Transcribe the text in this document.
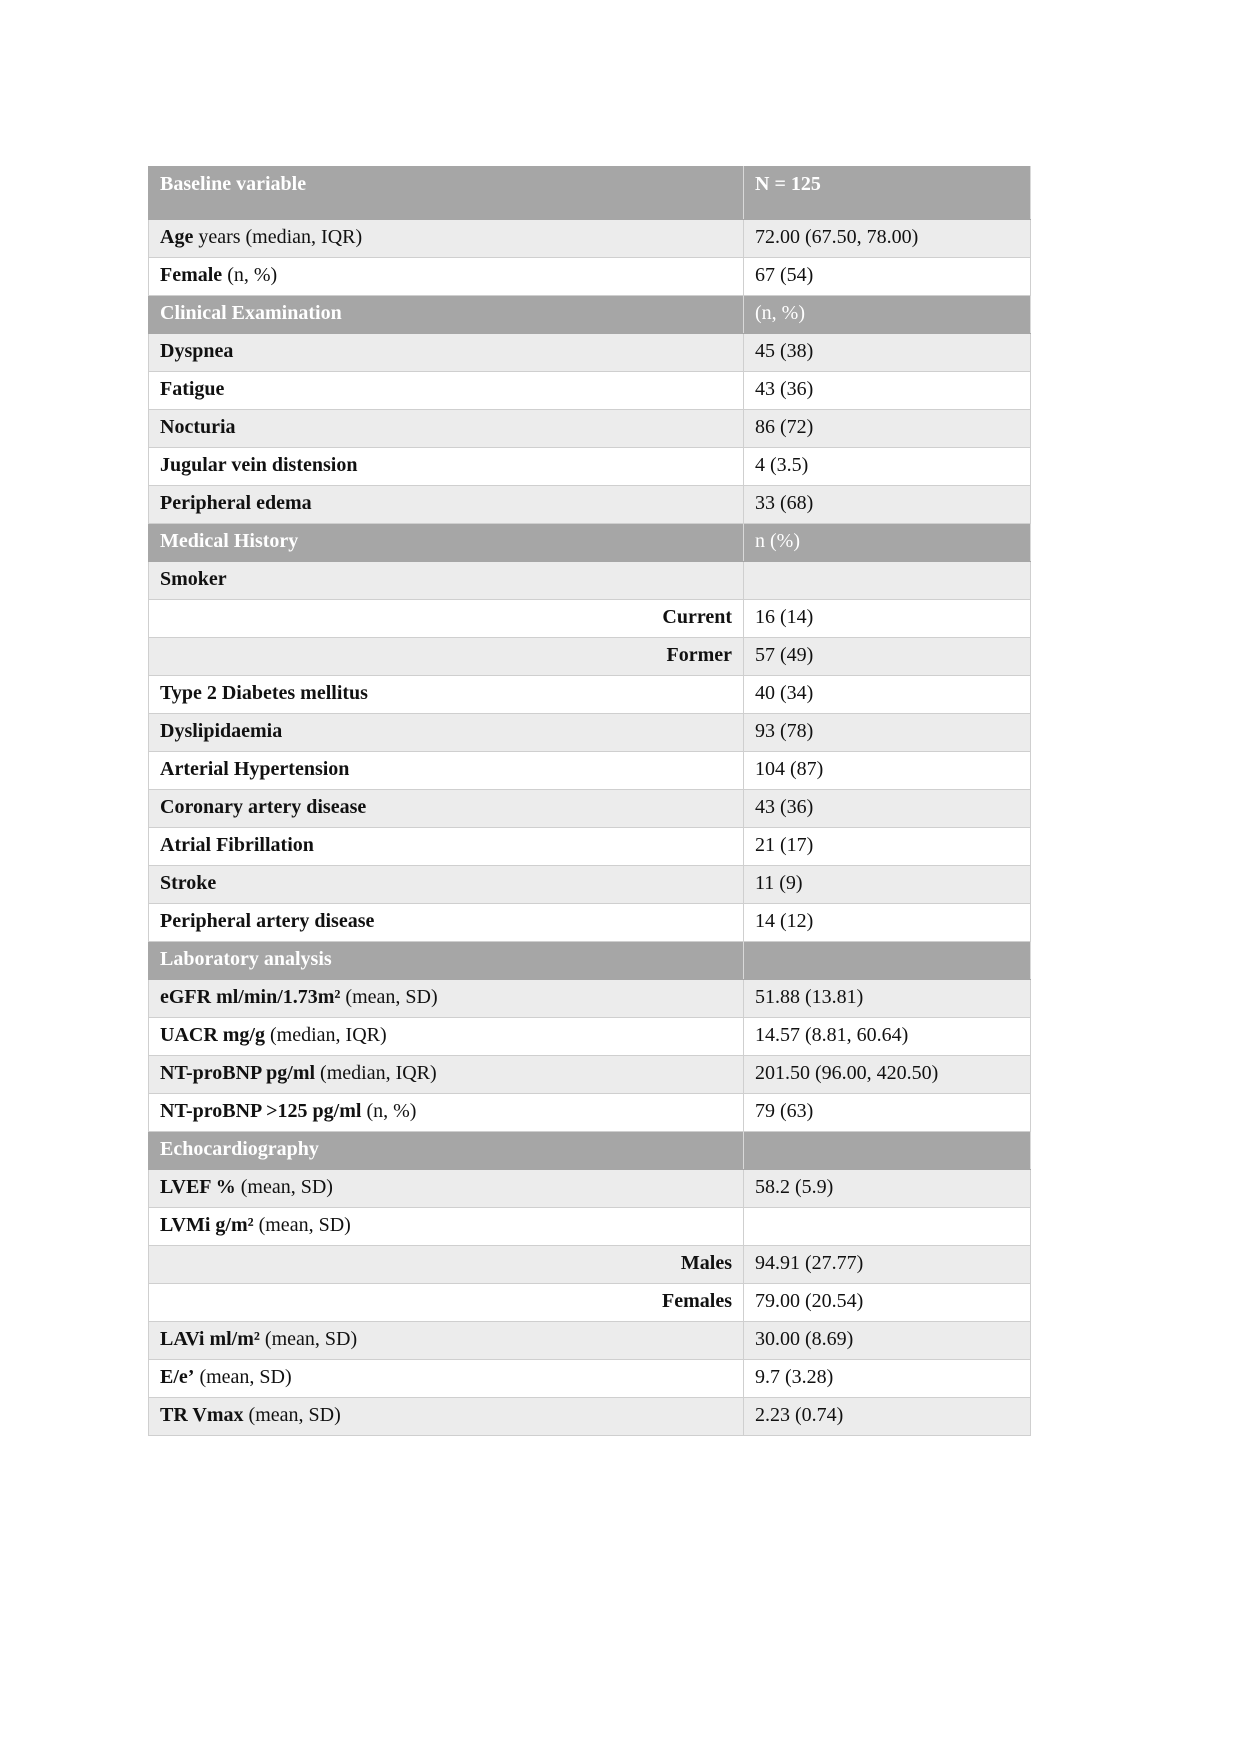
Baseline variable	N = 125
Age years (median, IQR)	72.00 (67.50, 78.00)
Female (n, %)	67 (54)
Clinical Examination	(n, %)
Dyspnea	45 (38)
Fatigue	43 (36)
Nocturia	86 (72)
Jugular vein distension	4 (3.5)
Peripheral edema	33 (68)
Medical History	n (%)
Smoker	
Current	16 (14)
Former	57 (49)
Type 2 Diabetes mellitus	40 (34)
Dyslipidaemia	93 (78)
Arterial Hypertension	104 (87)
Coronary artery disease	43 (36)
Atrial Fibrillation	21 (17)
Stroke	11 (9)
Peripheral artery disease	14 (12)
Laboratory analysis	
eGFR ml/min/1.73m² (mean, SD)	51.88 (13.81)
UACR mg/g (median, IQR)	14.57 (8.81, 60.64)
NT-proBNP pg/ml (median, IQR)	201.50 (96.00, 420.50)
NT-proBNP >125 pg/ml (n, %)	79 (63)
Echocardiography	
LVEF % (mean, SD)	58.2 (5.9)
LVMi g/m² (mean, SD)	
Males	94.91 (27.77)
Females	79.00 (20.54)
LAVi ml/m² (mean, SD)	30.00 (8.69)
E/e’ (mean, SD)	9.7 (3.28)
TR Vmax (mean, SD)	2.23 (0.74)
